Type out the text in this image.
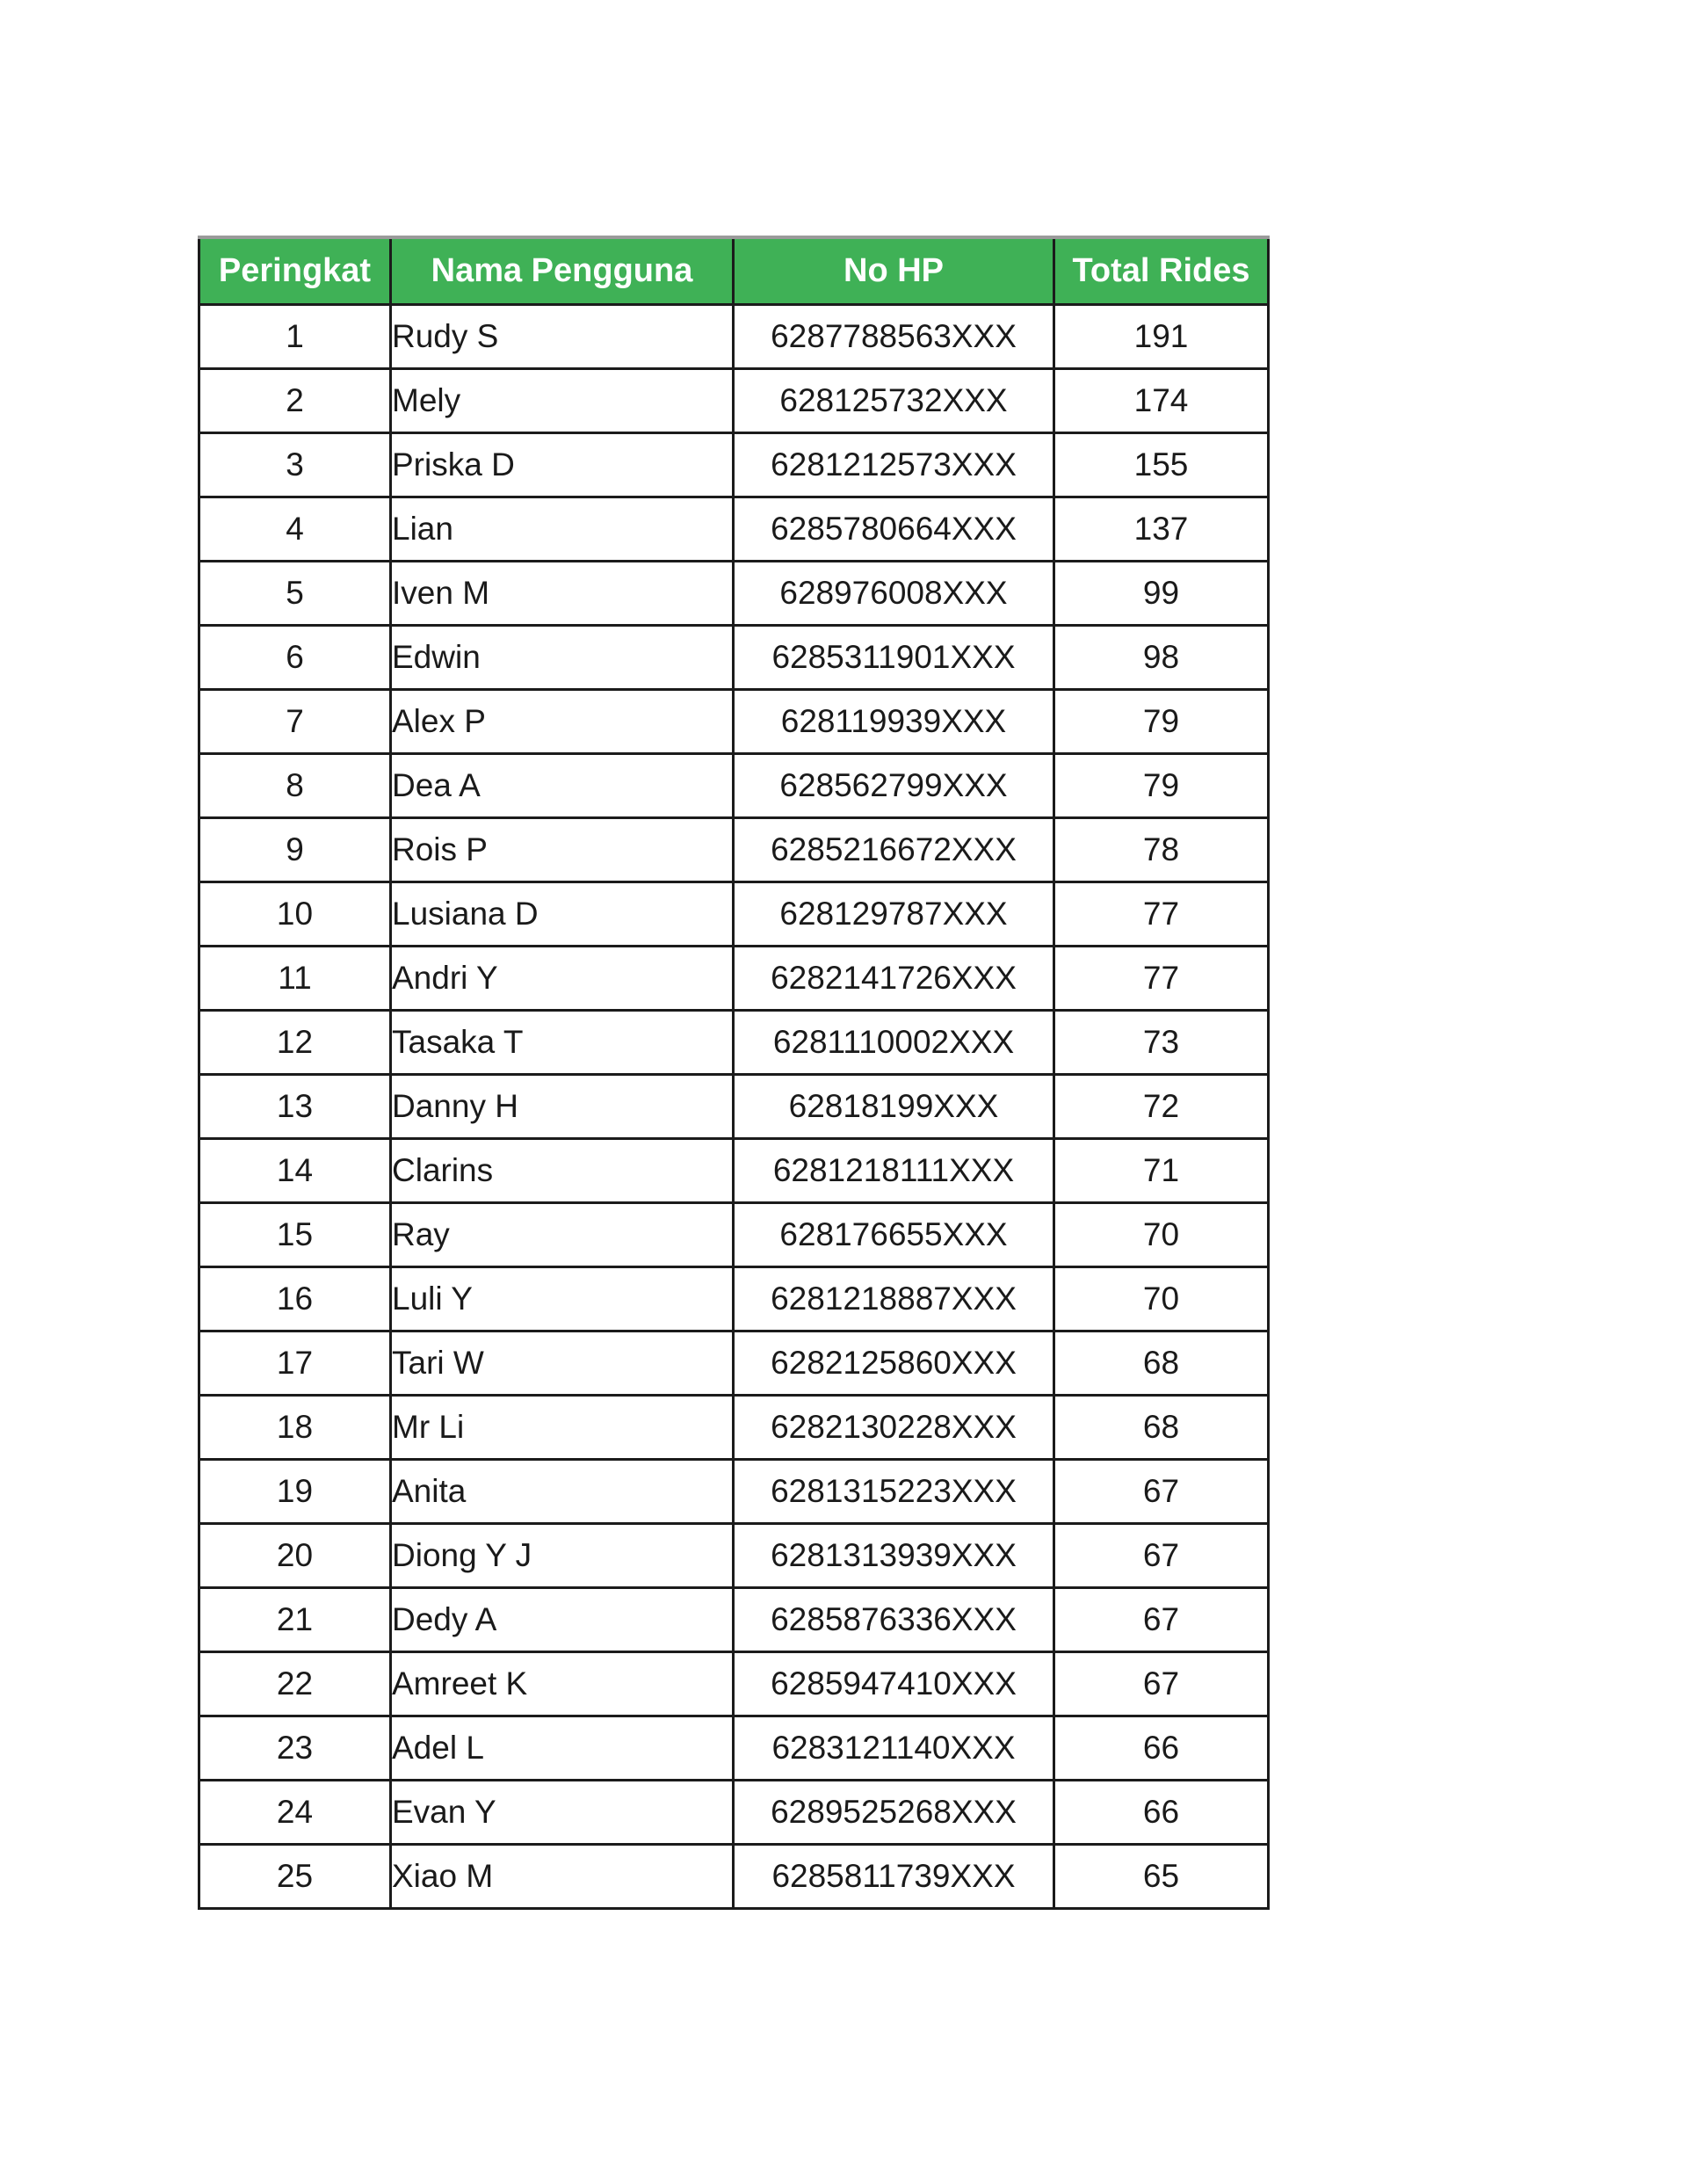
Peringkat	Nama Pengguna	No HP	Total Rides
1	Rudy S	6287788563XXX	191
2	Mely	628125732XXX	174
3	Priska D	6281212573XXX	155
4	Lian	6285780664XXX	137
5	Iven M	628976008XXX	99
6	Edwin	6285311901XXX	98
7	Alex P	628119939XXX	79
8	Dea A	628562799XXX	79
9	Rois P	6285216672XXX	78
10	Lusiana D	628129787XXX	77
11	Andri Y	6282141726XXX	77
12	Tasaka T	6281110002XXX	73
13	Danny H	62818199XXX	72
14	Clarins	6281218111XXX	71
15	Ray	628176655XXX	70
16	Luli Y	6281218887XXX	70
17	Tari W	6282125860XXX	68
18	Mr Li	6282130228XXX	68
19	Anita	6281315223XXX	67
20	Diong Y J	6281313939XXX	67
21	Dedy A	6285876336XXX	67
22	Amreet K	6285947410XXX	67
23	Adel L	6283121140XXX	66
24	Evan Y	6289525268XXX	66
25	Xiao M	6285811739XXX	65
